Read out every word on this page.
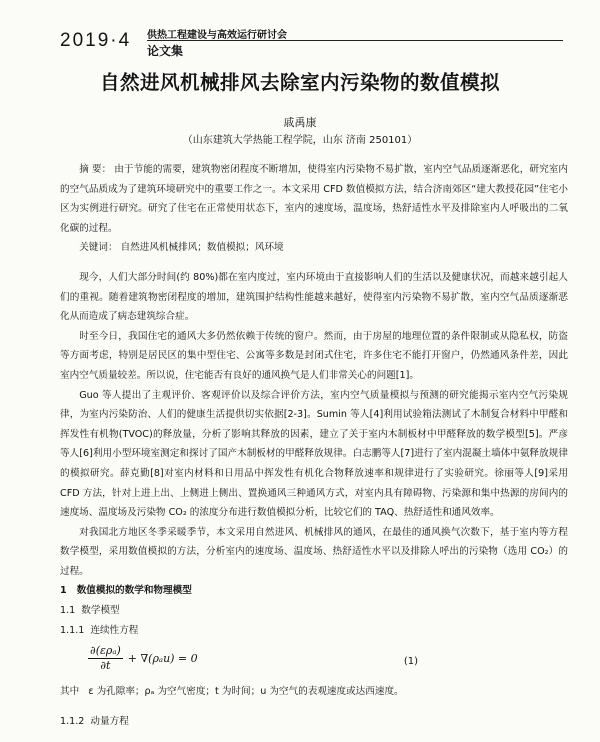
2019·4 供热工程建设与高效运行研讨会
论文集
自然进风机械排风去除室内污染物的数值模拟
戚禹康
（山东建筑大学热能工程学院，山东 济南 250101）

摘 要： 由于节能的需要，建筑物密闭程度不断增加，使得室内污染物不易扩散，室内空气品质逐渐恶化，研究室内的空气品质成为了建筑环境研究中的重要工作之一。本文采用 CFD 数值模拟方法，结合济南郊区“建大教授花园”住宅小区为实例进行研究。研究了住宅在正常使用状态下，室内的速度场，温度场，热舒适性水平及排除室内人呼吸出的二氧化碳的过程。

关键词： 自然进风机械排风；数值模拟；风环境

现今，人们大部分时间(约 80%)都在室内度过，室内环境由于直接影响人们的生活以及健康状况，而越来越引起人们的重视。随着建筑物密闭程度的增加，建筑围护结构性能越来越好，使得室内污染物不易扩散，室内空气品质逐渐恶化从而造成了病态建筑综合症。

时至今日，我国住宅的通风大多仍然依赖于传统的窗户。然而，由于房屋的地理位置的条件限制或从隐私权，防盗等方面考虑，特别是居民区的集中型住宅、公寓等多数是封闭式住宅，许多住宅不能打开窗户，仍然通风条件差，因此室内空气质量较差。所以说，住宅能否有良好的通风换气是人们非常关心的问题[1]。

Guo 等人提出了主观评价、客观评价以及综合评价方法，室内空气质量模拟与预测的研究能揭示室内空气污染规律，为室内污染防治、人们的健康生活提供切实依据[2-3]。Sumin 等人[4]利用试验箱法测试了木制复合材料中甲醛和挥发性有机物(TVOC)的释放量，分析了影响其释放的因素，建立了关于室内木制板材中甲醛释放的数学模型[5]。严彦等人[6]利用小型环境室测定和探讨了国产木制板材的甲醛释放规律。白志鹏等人[7]进行了室内混凝土墙体中氨释放规律的模拟研究。薛克勤[8]对室内材料和日用品中挥发性有机化合物释放速率和规律进行了实验研究。徐丽等人[9]采用 CFD 方法，针对上进上出、上侧进上侧出、置换通风三种通风方式，对室内具有障碍物、污染源和集中热源的房间内的速度场、温度场及污染物 CO₂ 的浓度分布进行数值模拟分析，比较它们的 TAQ、热舒适性和通风效率。

对我国北方地区冬季采暖季节，本文采用自然进风、机械排风的通风，在最佳的通风换气次数下，基于室内等方程数学模型，采用数值模拟的方法，分析室内的速度场、温度场、热舒适性水平以及排除人呼出的污染物（选用 CO₂）的过程。

1 数值模拟的数学和物理模型

1.1 数学模型

1.1.1 连续性方程

$\frac{\text{∂(ερₐ)}}{\partial t} + \nabla(\rho_au) = 0$	(1)

其中 ε 为孔隙率；ρₐ 为空气密度；t 为时间；u 为空气的表观速度或达西速度。

1.1.2 动量方程
